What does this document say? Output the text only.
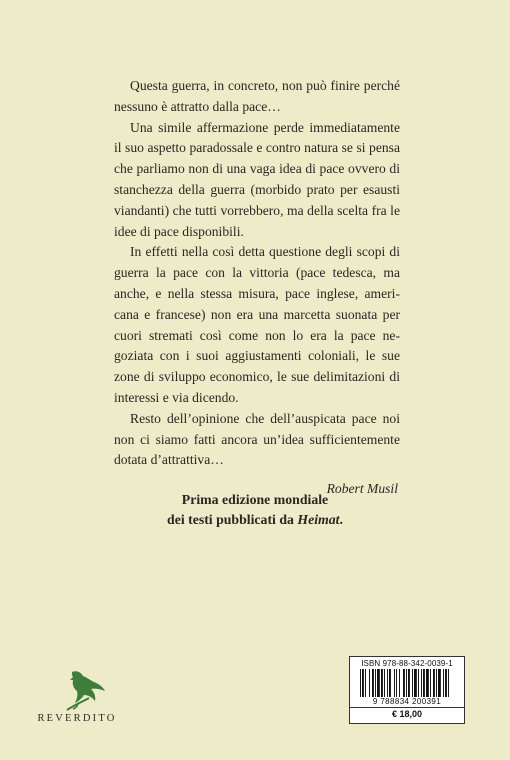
Questa guerra, in concreto, non può finire perché nessuno è attratto dalla pace…

Una simile affermazione perde immediatamente il suo aspetto paradossale e contro natura se si pensa che parliamo non di una vaga idea di pace ovvero di stanchezza della guerra (morbido prato per esausti viandanti) che tutti vorrebbero, ma della scelta fra le idee di pace disponibili.

In effetti nella così detta questione degli scopi di guerra la pace con la vittoria (pace tedesca, ma anche, e nella stessa misura, pace inglese, americana e francese) non era una marcetta suonata per cuori stremati così come non lo era la pace negoziata con i suoi aggiustamenti coloniali, le sue zone di sviluppo economico, le sue delimitazioni di interessi e via dicendo.

Resto dell’opinione che dell’auspicata pace noi non ci siamo fatti ancora un’idea sufficientemente dotata d’attrattiva…

Robert Musil

Prima edizione mondiale
dei testi pubblicati da Heimat.
REVERDITO
ISBN 978-88-342-0039-1
9 788834 200391
€ 18,00
